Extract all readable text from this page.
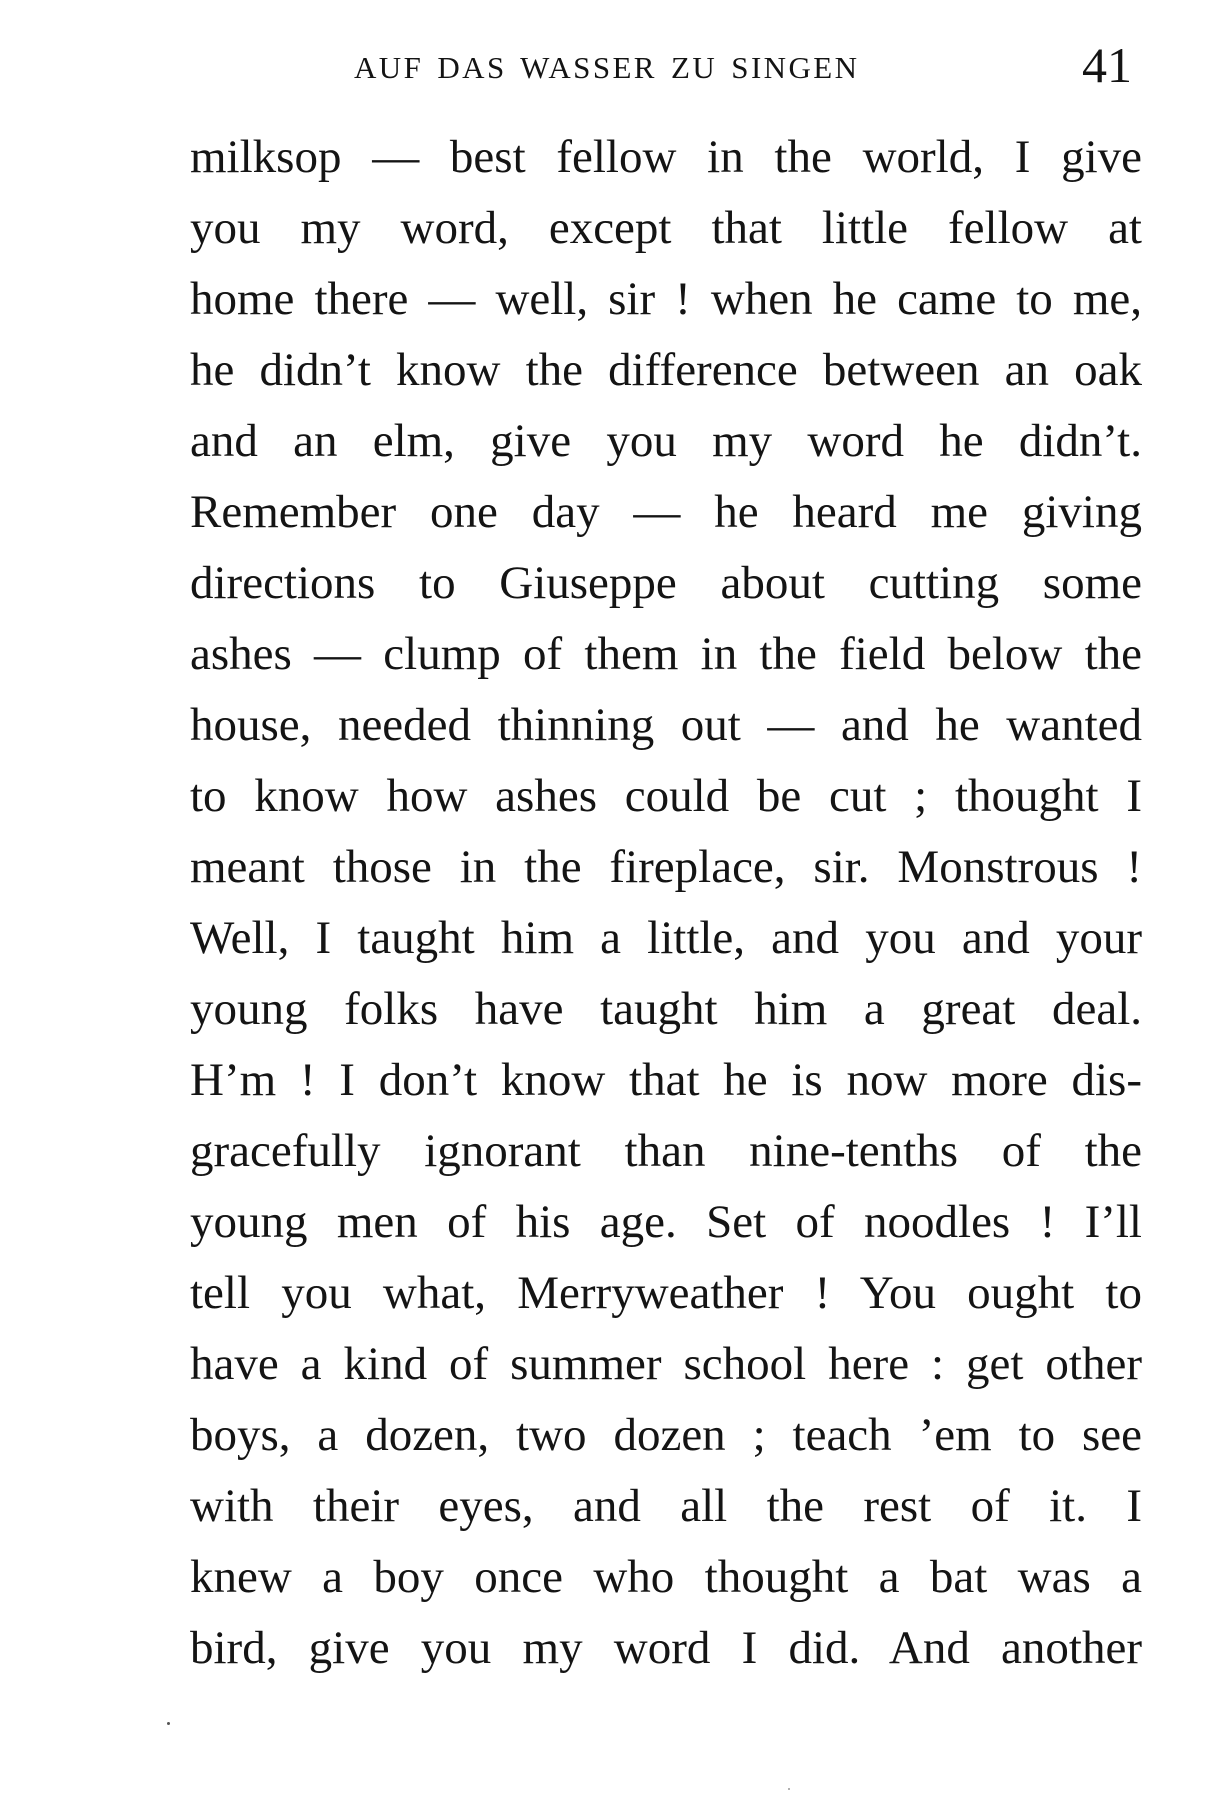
AUF DAS WASSER ZU SINGEN	41
milksop — best fellow in the world, I give
you my word, except that little fellow at
home there — well, sir ! when he came to me,
he didn’t know the difference between an oak
and an elm, give you my word he didn’t.
Remember one day — he heard me giving
directions to Giuseppe about cutting some
ashes — clump of them in the field below the
house, needed thinning out — and he wanted
to know how ashes could be cut ; thought I
meant those in the fireplace, sir. Monstrous !
Well, I taught him a little, and you and your
young folks have taught him a great deal.
H’m ! I don’t know that he is now more dis-
gracefully ignorant than nine-tenths of the
young men of his age. Set of noodles ! I’ll
tell you what, Merryweather ! You ought to
have a kind of summer school here : get other
boys, a dozen, two dozen ; teach ’em to see
with their eyes, and all the rest of it. I
knew a boy once who thought a bat was a
bird, give you my word I did. And another
